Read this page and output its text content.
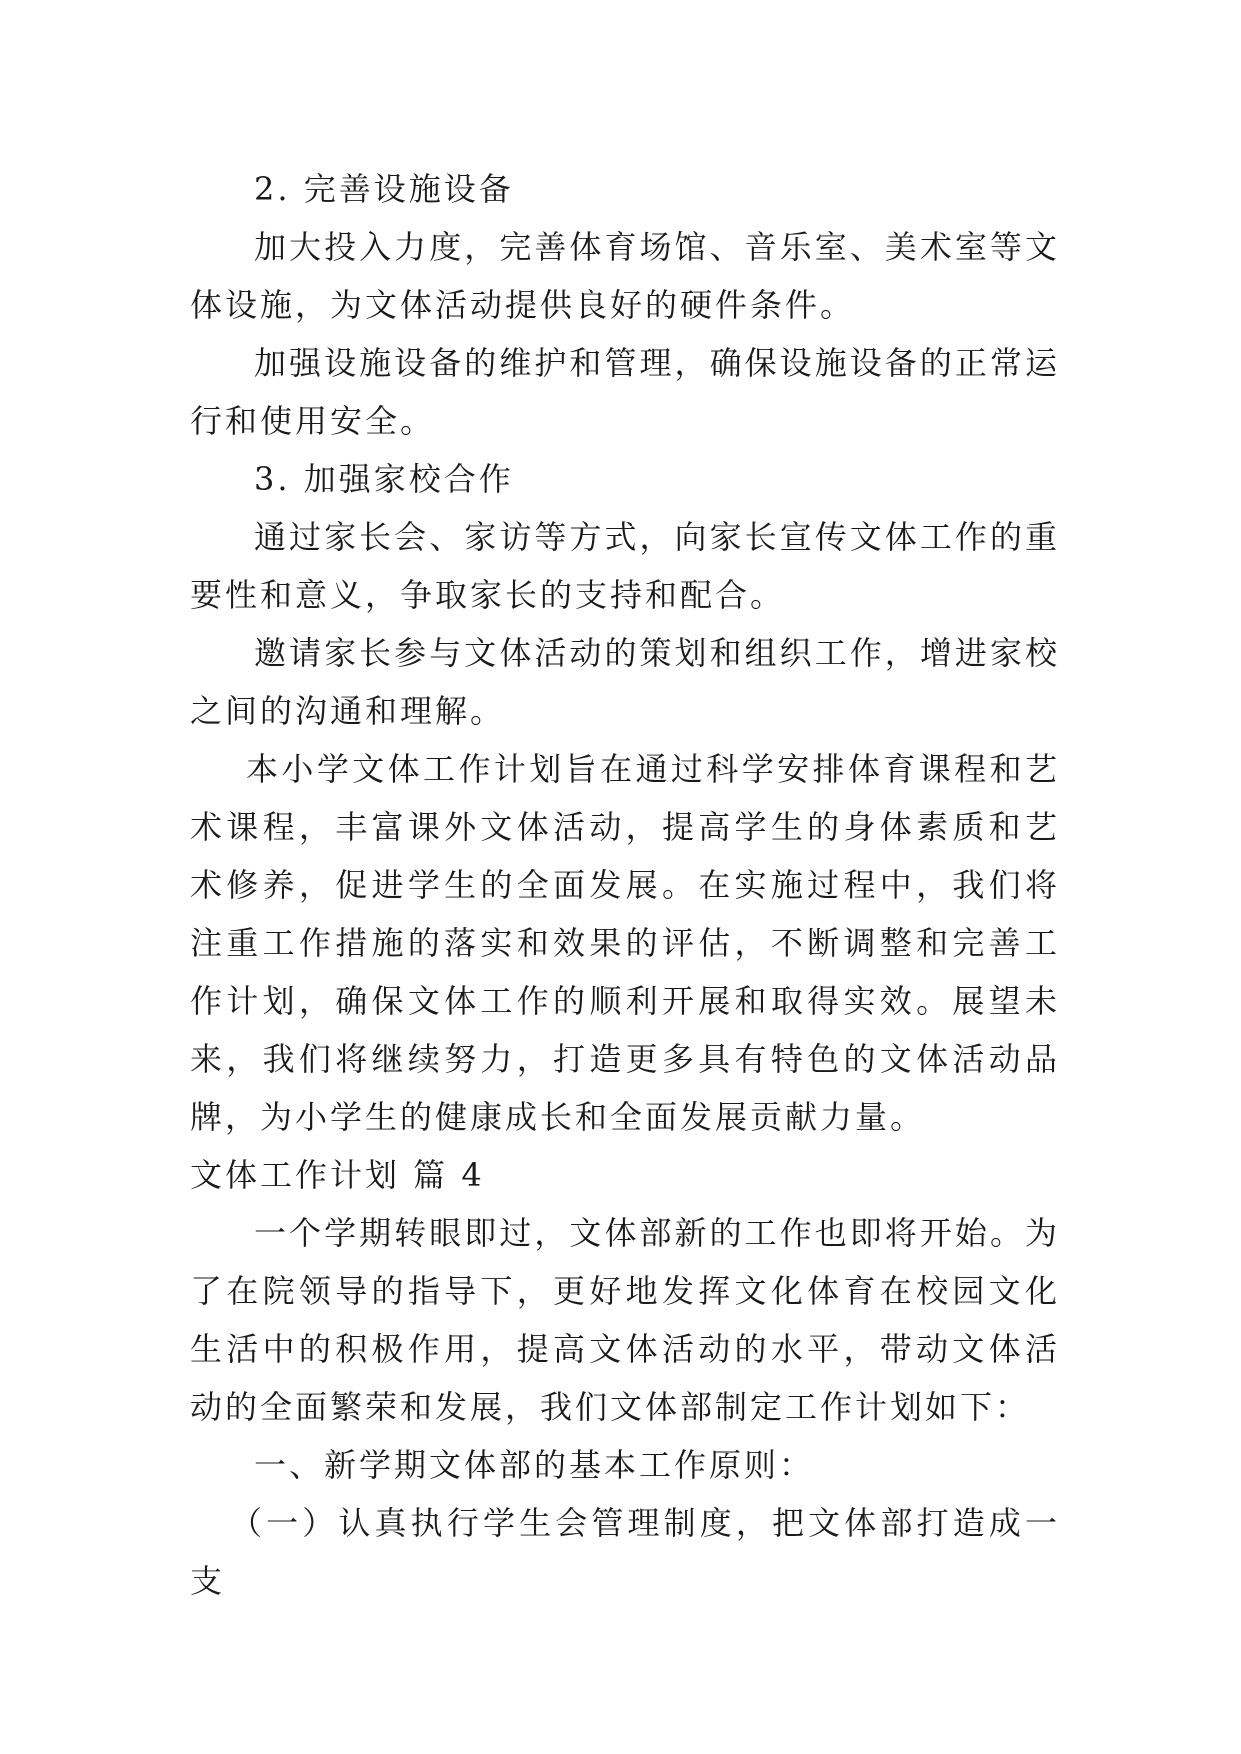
2. 完善设施设备

加大投入力度，完善体育场馆、音乐室、美术室等文体设施，为文体活动提供良好的硬件条件。

加强设施设备的维护和管理，确保设施设备的正常运行和使用安全。

3. 加强家校合作

通过家长会、家访等方式，向家长宣传文体工作的重要性和意义，争取家长的支持和配合。

邀请家长参与文体活动的策划和组织工作，增进家校之间的沟通和理解。

本小学文体工作计划旨在通过科学安排体育课程和艺术课程，丰富课外文体活动，提高学生的身体素质和艺术修养，促进学生的全面发展。在实施过程中，我们将注重工作措施的落实和效果的评估，不断调整和完善工作计划，确保文体工作的顺利开展和取得实效。展望未来，我们将继续努力，打造更多具有特色的文体活动品牌，为小学生的健康成长和全面发展贡献力量。

文体工作计划 篇 4

一个学期转眼即过，文体部新的工作也即将开始。为了在院领导的指导下，更好地发挥文化体育在校园文化生活中的积极作用，提高文体活动的水平，带动文体活动的全面繁荣和发展，我们文体部制定工作计划如下：

一、新学期文体部的基本工作原则：

（一）认真执行学生会管理制度，把文体部打造成一支
